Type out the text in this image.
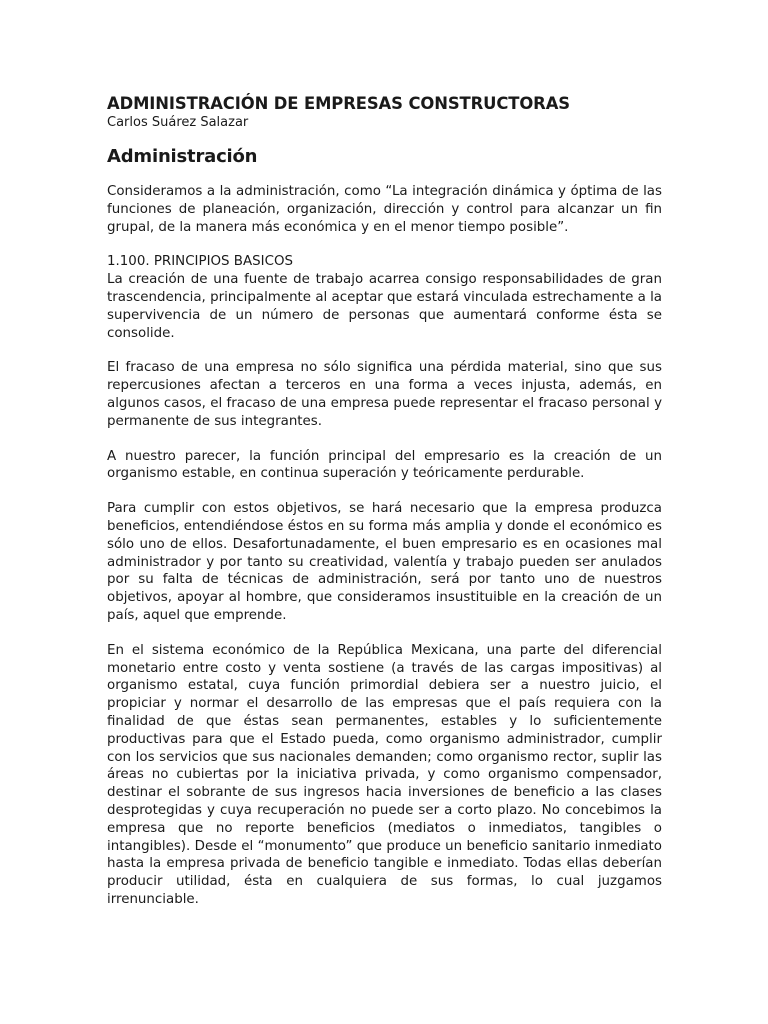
ADMINISTRACIÓN DE EMPRESAS CONSTRUCTORAS

Carlos Suárez Salazar

Administración

Consideramos a la administración, como “La integración dinámica y óptima de las funciones de planeación, organización, dirección y control para alcanzar un fin grupal, de la manera más económica y en el menor tiempo posible”.

1.100. PRINCIPIOS BASICOS

La creación de una fuente de trabajo acarrea consigo responsabilidades de gran trascendencia, principalmente al aceptar que estará vinculada estrechamente a la supervivencia de un número de personas que aumentará conforme ésta se consolide.

El fracaso de una empresa no sólo significa una pérdida material, sino que sus repercusiones afectan a terceros en una forma a veces injusta, además, en algunos casos, el fracaso de una empresa puede representar el fracaso personal y permanente de sus integrantes.

A nuestro parecer, la función principal del empresario es la creación de un organismo estable, en continua superación y teóricamente perdurable.

Para cumplir con estos objetivos, se hará necesario que la empresa produzca beneficios, entendiéndose éstos en su forma más amplia y donde el económico es sólo uno de ellos. Desafortunadamente, el buen empresario es en ocasiones mal administrador y por tanto su creatividad, valentía y trabajo pueden ser anulados por su falta de técnicas de administración, será por tanto uno de nuestros objetivos, apoyar al hombre, que consideramos insustituible en la creación de un país, aquel que emprende.

En el sistema económico de la República Mexicana, una parte del diferencial monetario entre costo y venta sostiene (a través de las cargas impositivas) al organismo estatal, cuya función primordial debiera ser a nuestro juicio, el propiciar y normar el desarrollo de las empresas que el país requiera con la finalidad de que éstas sean permanentes, estables y lo suficientemente productivas para que el Estado pueda, como organismo administrador, cumplir con los servicios que sus nacionales demanden; como organismo rector, suplir las áreas no cubiertas por la iniciativa privada, y como organismo compensador, destinar el sobrante de sus ingresos hacia inversiones de beneficio a las clases desprotegidas y cuya recuperación no puede ser a corto plazo. No concebimos la empresa que no reporte beneficios (mediatos o inmediatos, tangibles o intangibles). Desde el “monumento” que produce un beneficio sanitario inmediato hasta la empresa privada de beneficio tangible e inmediato. Todas ellas deberían producir utilidad, ésta en cualquiera de sus formas, lo cual juzgamos irrenunciable.
